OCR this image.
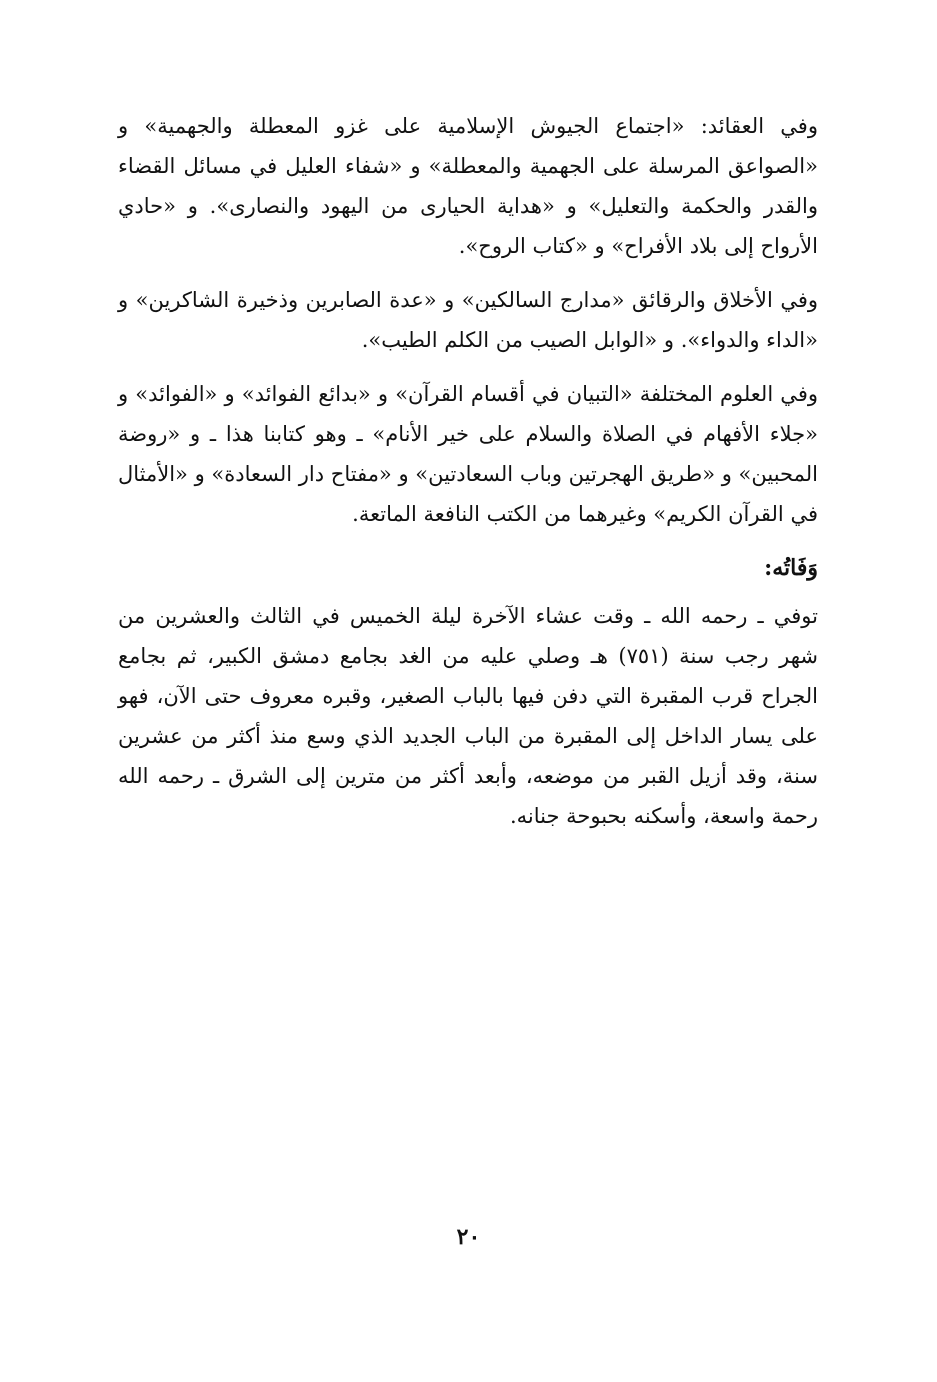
وفي العقائد: «اجتماع الجيوش الإسلامية على غزو المعطلة والجهمية» و «الصواعق المرسلة على الجهمية والمعطلة» و «شفاء العليل في مسائل القضاء والقدر والحكمة والتعليل» و «هداية الحيارى من اليهود والنصارى». و «حادي الأرواح إلى بلاد الأفراح» و «كتاب الروح».

وفي الأخلاق والرقائق «مدارج السالكين» و «عدة الصابرين وذخيرة الشاكرين» و «الداء والدواء». و «الوابل الصيب من الكلم الطيب».

وفي العلوم المختلفة «التبيان في أقسام القرآن» و «بدائع الفوائد» و «الفوائد» و «جلاء الأفهام في الصلاة والسلام على خير الأنام» ـ وهو كتابنا هذا ـ و «روضة المحبين» و «طريق الهجرتين وباب السعادتين» و «مفتاح دار السعادة» و «الأمثال في القرآن الكريم» وغيرهما من الكتب النافعة الماتعة.

وَفَاتُه:

توفي ـ رحمه الله ـ وقت عشاء الآخرة ليلة الخميس في الثالث والعشرين من شهر رجب سنة (٧٥١) هـ وصلي عليه من الغد بجامع دمشق الكبير، ثم بجامع الجراح قرب المقبرة التي دفن فيها بالباب الصغير، وقبره معروف حتى الآن، فهو على يسار الداخل إلى المقبرة من الباب الجديد الذي وسع منذ أكثر من عشرين سنة، وقد أزيل القبر من موضعه، وأبعد أكثر من مترين إلى الشرق ـ رحمه الله رحمة واسعة، وأسكنه بحبوحة جنانه.

٢٠
